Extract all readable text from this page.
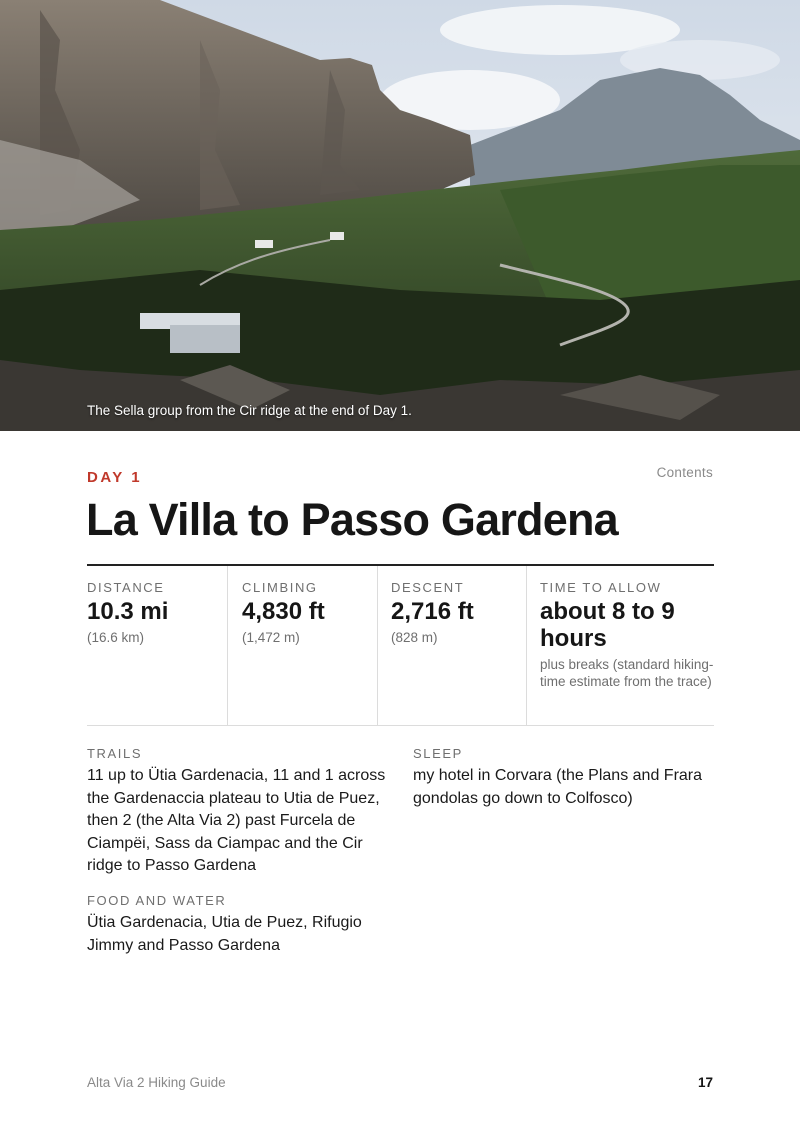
The Sella group from the Cir ridge at the end of Day 1.
DAY 1	Contents
La Villa to Passo Gardena
DISTANCE
10.3 mi
(16.6 km)
CLIMBING
4,830 ft
(1,472 m)
DESCENT
2,716 ft
(828 m)
TIME TO ALLOW
about 8 to 9 hours
plus breaks (standard hiking-time estimate from the trace)
TRAILS
11 up to Ütia Gardenacia, 11 and 1 across the Gardenaccia plateau to Utia de Puez, then 2 (the Alta Via 2) past Furcela de Ciampëi, Sass da Ciampac and the Cir ridge to Passo Gardena
SLEEP
my hotel in Corvara (the Plans and Frara gondolas go down to Colfosco)
FOOD AND WATER
Ütia Gardenacia, Utia de Puez, Rifugio Jimmy and Passo Gardena
Alta Via 2 Hiking Guide	17
